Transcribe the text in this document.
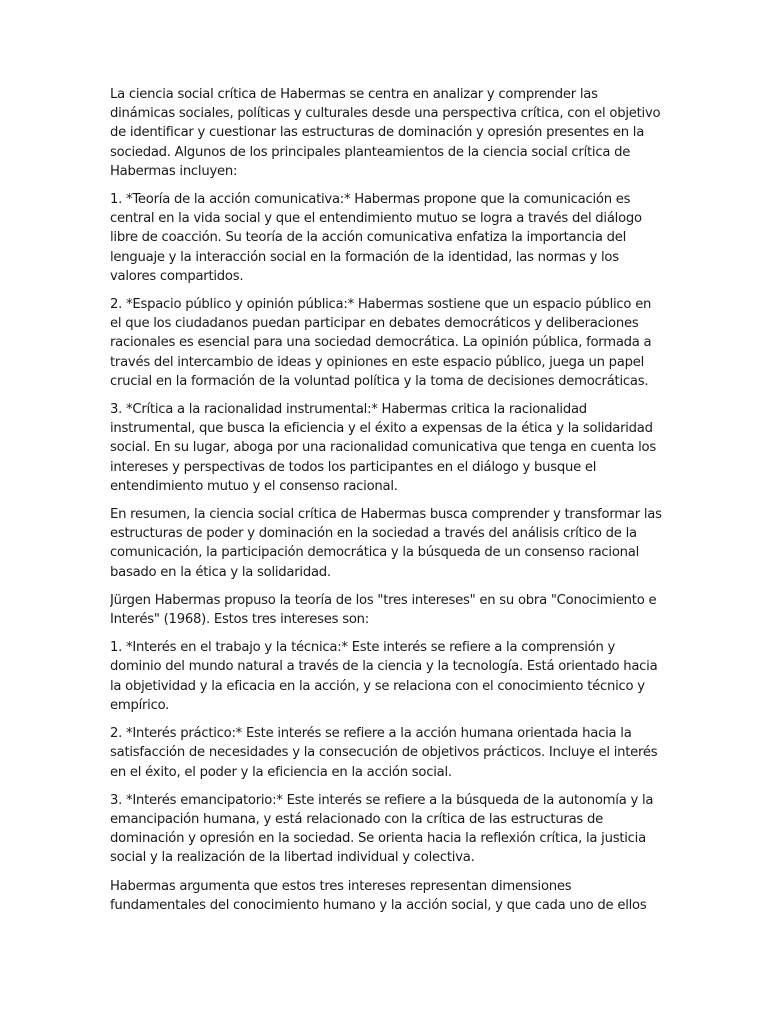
La ciencia social crítica de Habermas se centra en analizar y comprender las dinámicas sociales, políticas y culturales desde una perspectiva crítica, con el objetivo de identificar y cuestionar las estructuras de dominación y opresión presentes en la sociedad. Algunos de los principales planteamientos de la ciencia social crítica de Habermas incluyen:

1. *Teoría de la acción comunicativa:* Habermas propone que la comunicación es central en la vida social y que el entendimiento mutuo se logra a través del diálogo libre de coacción. Su teoría de la acción comunicativa enfatiza la importancia del lenguaje y la interacción social en la formación de la identidad, las normas y los valores compartidos.

2. *Espacio público y opinión pública:* Habermas sostiene que un espacio público en el que los ciudadanos puedan participar en debates democráticos y deliberaciones racionales es esencial para una sociedad democrática. La opinión pública, formada a través del intercambio de ideas y opiniones en este espacio público, juega un papel crucial en la formación de la voluntad política y la toma de decisiones democráticas.

3. *Crítica a la racionalidad instrumental:* Habermas critica la racionalidad instrumental, que busca la eficiencia y el éxito a expensas de la ética y la solidaridad social. En su lugar, aboga por una racionalidad comunicativa que tenga en cuenta los intereses y perspectivas de todos los participantes en el diálogo y busque el entendimiento mutuo y el consenso racional.

En resumen, la ciencia social crítica de Habermas busca comprender y transformar las estructuras de poder y dominación en la sociedad a través del análisis crítico de la comunicación, la participación democrática y la búsqueda de un consenso racional basado en la ética y la solidaridad.

Jürgen Habermas propuso la teoría de los "tres intereses" en su obra "Conocimiento e Interés" (1968). Estos tres intereses son:

1. *Interés en el trabajo y la técnica:* Este interés se refiere a la comprensión y dominio del mundo natural a través de la ciencia y la tecnología. Está orientado hacia la objetividad y la eficacia en la acción, y se relaciona con el conocimiento técnico y empírico.

2. *Interés práctico:* Este interés se refiere a la acción humana orientada hacia la satisfacción de necesidades y la consecución de objetivos prácticos. Incluye el interés en el éxito, el poder y la eficiencia en la acción social.

3. *Interés emancipatorio:* Este interés se refiere a la búsqueda de la autonomía y la emancipación humana, y está relacionado con la crítica de las estructuras de dominación y opresión en la sociedad. Se orienta hacia la reflexión crítica, la justicia social y la realización de la libertad individual y colectiva.

Habermas argumenta que estos tres intereses representan dimensiones fundamentales del conocimiento humano y la acción social, y que cada uno de ellos
